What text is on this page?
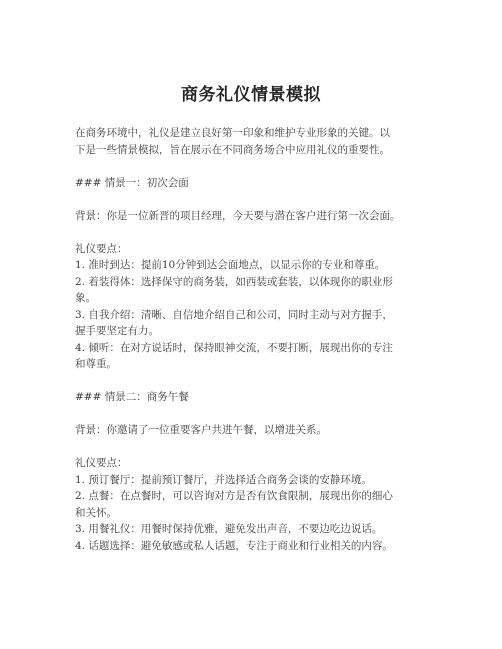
商务礼仪情景模拟

在商务环境中，礼仪是建立良好第一印象和维护专业形象的关键。以

下是一些情景模拟，旨在展示在不同商务场合中应用礼仪的重要性。

### 情景一：初次会面

背景：你是一位新晋的项目经理，今天要与潜在客户进行第一次会面。

礼仪要点：

1. 准时到达：提前10分钟到达会面地点，以显示你的专业和尊重。

2. 着装得体：选择保守的商务装，如西装或套装，以体现你的职业形

象。

3. 自我介绍：清晰、自信地介绍自己和公司，同时主动与对方握手，

握手要坚定有力。

4. 倾听：在对方说话时，保持眼神交流，不要打断，展现出你的专注

和尊重。

### 情景二：商务午餐

背景：你邀请了一位重要客户共进午餐，以增进关系。

礼仪要点：

1. 预订餐厅：提前预订餐厅，并选择适合商务会谈的安静环境。

2. 点餐：在点餐时，可以咨询对方是否有饮食限制，展现出你的细心

和关怀。

3. 用餐礼仪：用餐时保持优雅，避免发出声音，不要边吃边说话。

4. 话题选择：避免敏感或私人话题，专注于商业和行业相关的内容。
